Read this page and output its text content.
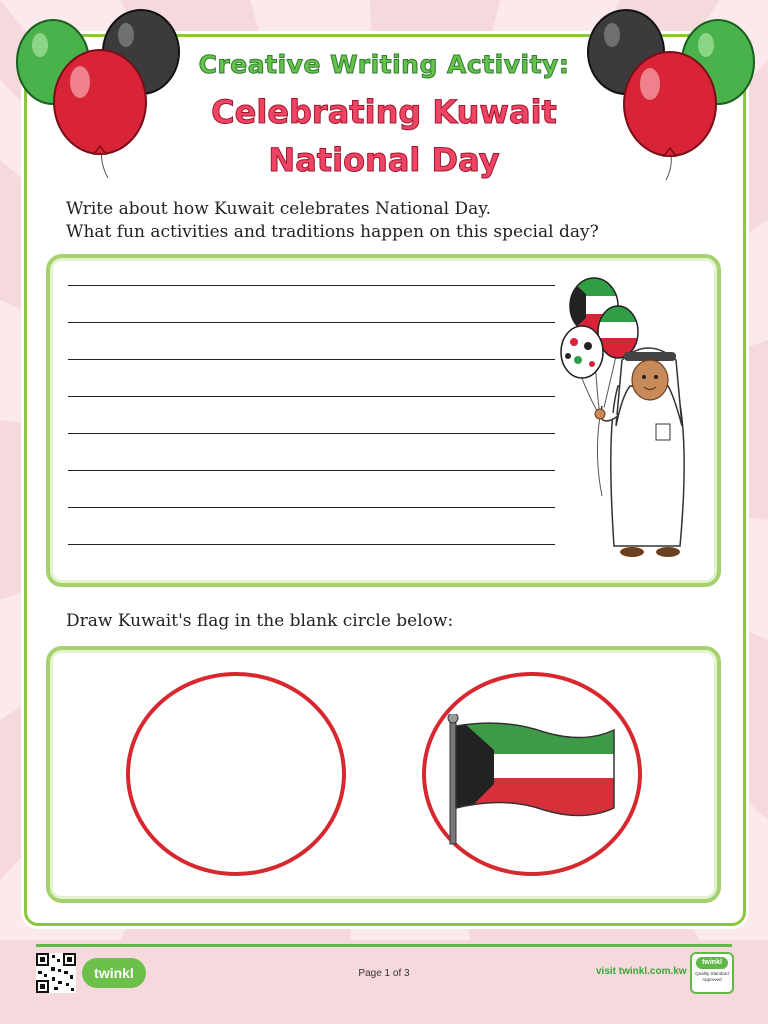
Creative Writing Activity:
Celebrating Kuwait
National Day
Write about how Kuwait celebrates National Day.
What fun activities and traditions happen on this special day?
Draw Kuwait's flag in the blank circle below:
twinkl	Page 1 of 3	visit twinkl.com.kw
twinkl
Quality Standard
Approved
